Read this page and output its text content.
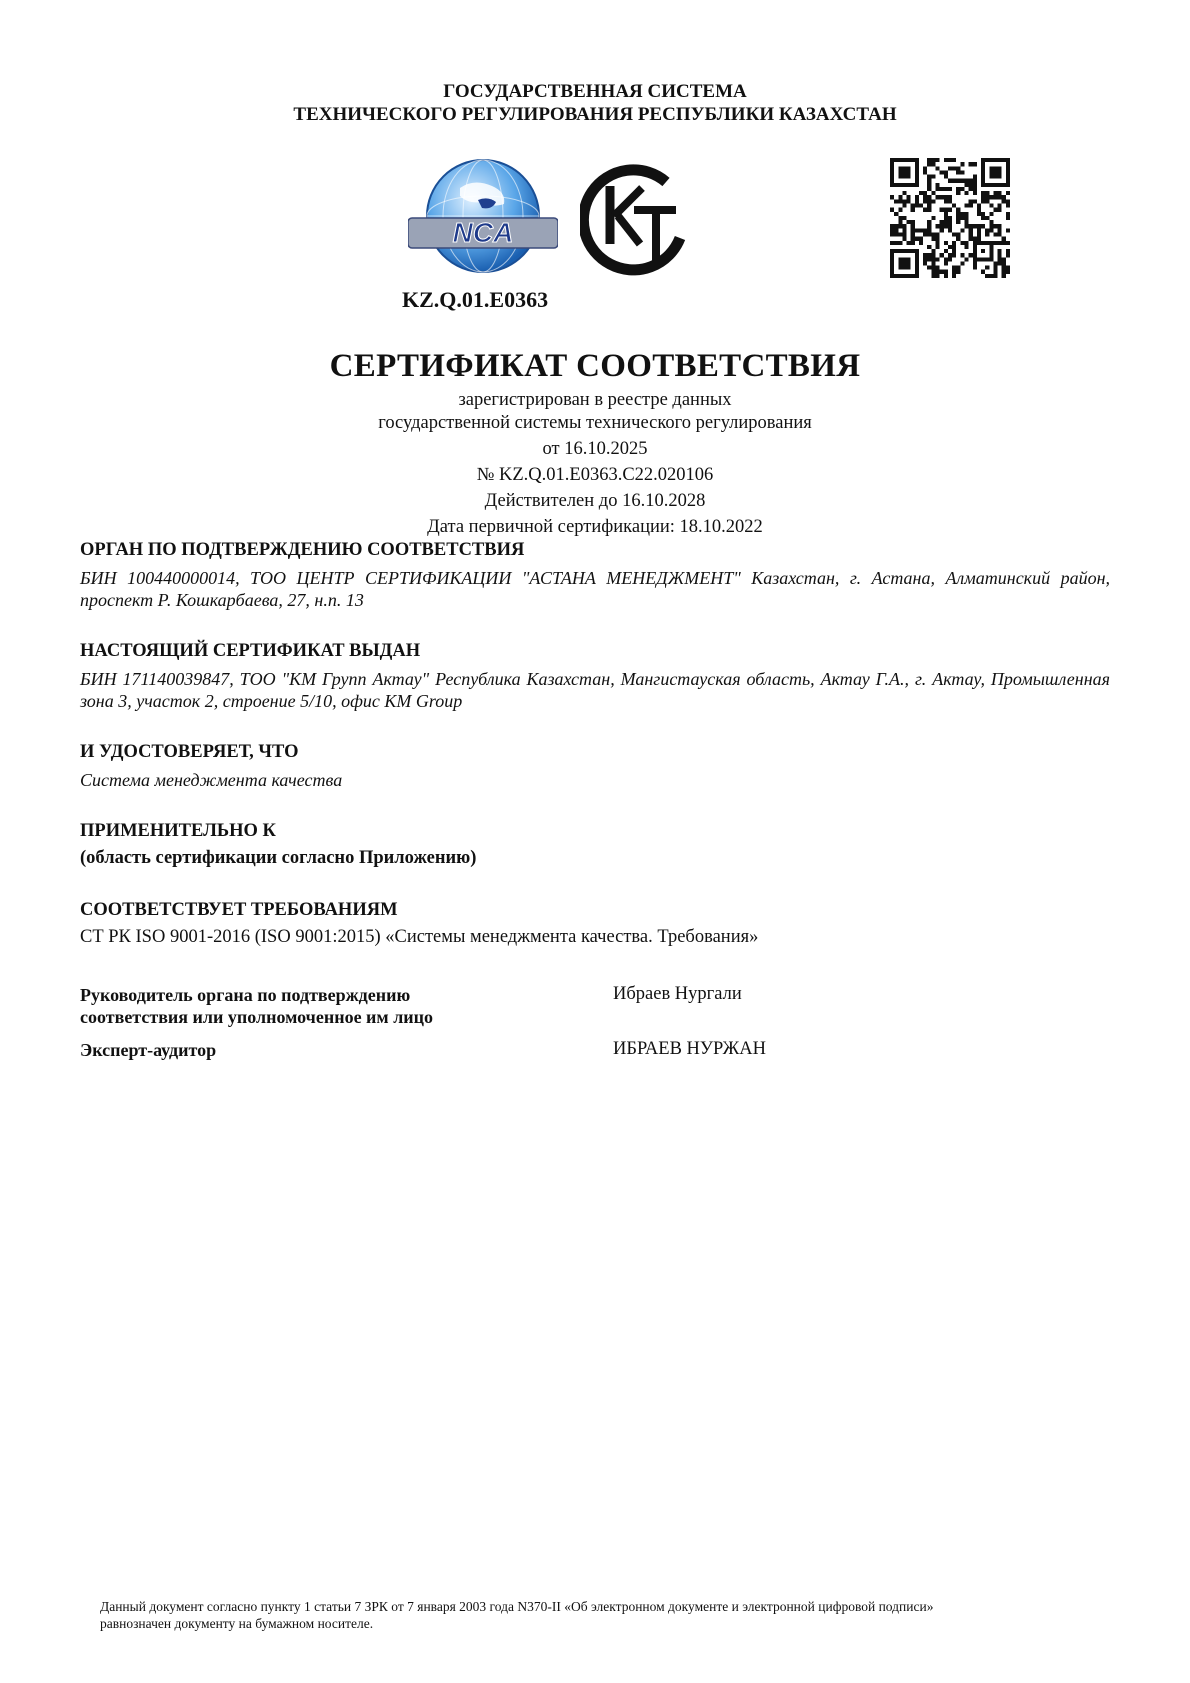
ГОСУДАРСТВЕННАЯ СИСТЕМА
ТЕХНИЧЕСКОГО РЕГУЛИРОВАНИЯ РЕСПУБЛИКИ КАЗАХСТАН
NCA
KZ.Q.01.E0363
СЕРТИФИКАТ СООТВЕТСТВИЯ
зарегистрирован в реестре данных
государственной системы технического регулирования
от 16.10.2025
№ KZ.Q.01.E0363.C22.020106
Действителен до 16.10.2028
Дата первичной сертификации: 18.10.2022
ОРГАН ПО ПОДТВЕРЖДЕНИЮ СООТВЕТСТВИЯ
БИН 100440000014, ТОО ЦЕНТР СЕРТИФИКАЦИИ "АСТАНА МЕНЕДЖМЕНТ" Казахстан, г. Астана, Алматинский район, проспект Р. Кошкарбаева, 27, н.п. 13
НАСТОЯЩИЙ СЕРТИФИКАТ ВЫДАН
БИН 171140039847, ТОО "КМ Групп Актау" Республика Казахстан, Мангистауская область, Актау Г.А., г. Актау, Промышленная зона 3, участок 2, строение 5/10, офис KM Group
И УДОСТОВЕРЯЕТ, ЧТО
Система менеджмента качества
ПРИМЕНИТЕЛЬНО К
(область сертификации согласно Приложению)
СООТВЕТСТВУЕТ ТРЕБОВАНИЯМ
СТ РК ISO 9001-2016 (ISO 9001:2015) «Системы менеджмента качества. Требования»
Руководитель органа по подтверждению
соответствия или уполномоченное им лицо
Ибраев Нургали
Эксперт-аудитор	ИБРАЕВ НУРЖАН
Данный документ согласно пункту 1 статьи 7 ЗРК от 7 января 2003 года N370-II «Об электронном документе и электронной цифровой подписи»
равнозначен документу на бумажном носителе.
